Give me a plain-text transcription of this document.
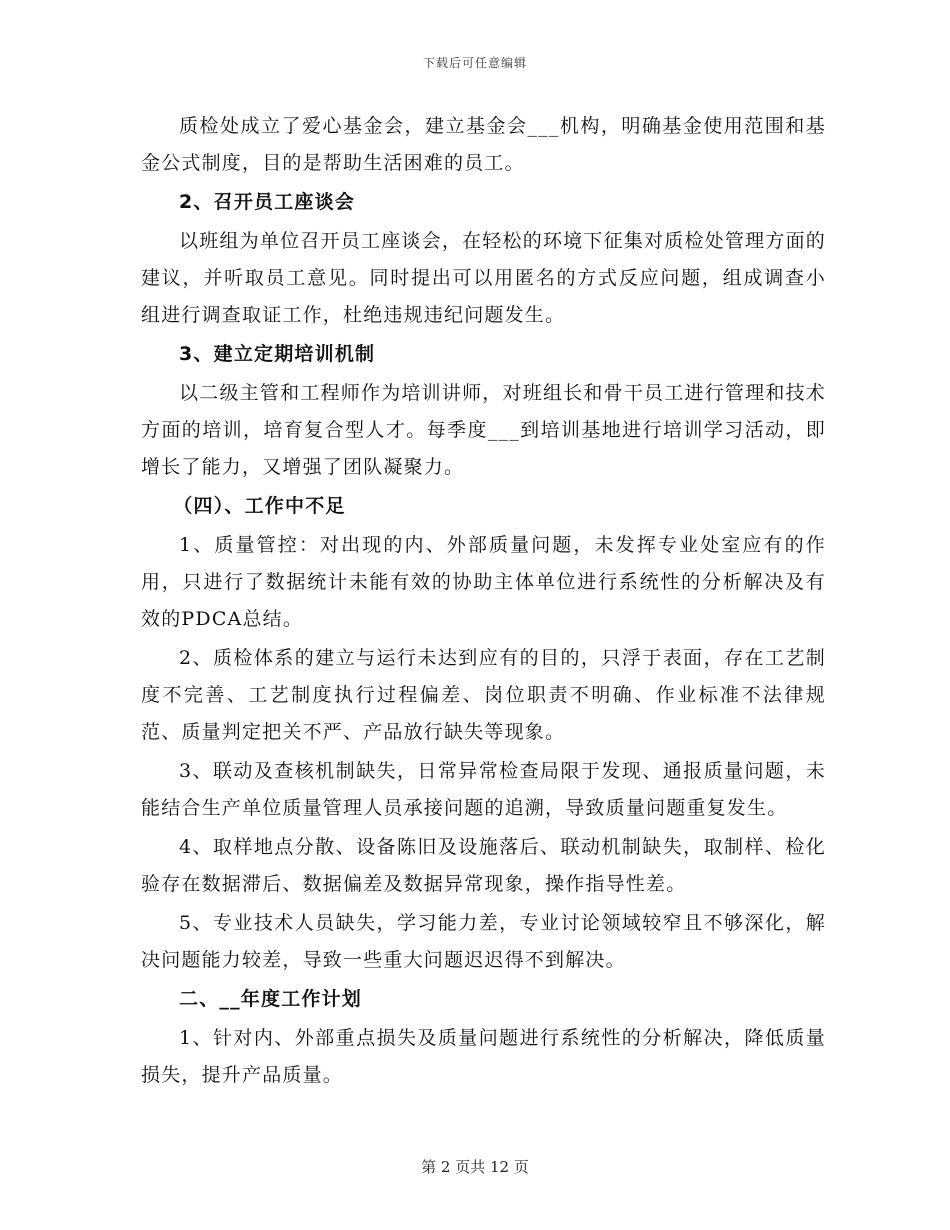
下载后可任意编辑

质检处成立了爱心基金会，建立基金会___机构，明确基金使用范围和基金公式制度，目的是帮助生活困难的员工。

2、召开员工座谈会

以班组为单位召开员工座谈会，在轻松的环境下征集对质检处管理方面的建议，并听取员工意见。同时提出可以用匿名的方式反应问题，组成调查小组进行调查取证工作，杜绝违规违纪问题发生。

3、建立定期培训机制

以二级主管和工程师作为培训讲师，对班组长和骨干员工进行管理和技术方面的培训，培育复合型人才。每季度___到培训基地进行培训学习活动，即增长了能力，又增强了团队凝聚力。

（四）、工作中不足

1、质量管控：对出现的内、外部质量问题，未发挥专业处室应有的作用，只进行了数据统计未能有效的协助主体单位进行系统性的分析解决及有效的PDCA总结。

2、质检体系的建立与运行未达到应有的目的，只浮于表面，存在工艺制度不完善、工艺制度执行过程偏差、岗位职责不明确、作业标准不法律规范、质量判定把关不严、产品放行缺失等现象。

3、联动及查核机制缺失，日常异常检查局限于发现、通报质量问题，未能结合生产单位质量管理人员承接问题的追溯，导致质量问题重复发生。

4、取样地点分散、设备陈旧及设施落后、联动机制缺失，取制样、检化验存在数据滞后、数据偏差及数据异常现象，操作指导性差。

5、专业技术人员缺失，学习能力差，专业讨论领域较窄且不够深化，解决问题能力较差，导致一些重大问题迟迟得不到解决。

二、__年度工作计划

1、针对内、外部重点损失及质量问题进行系统性的分析解决，降低质量损失，提升产品质量。

第 2 页共 12 页
